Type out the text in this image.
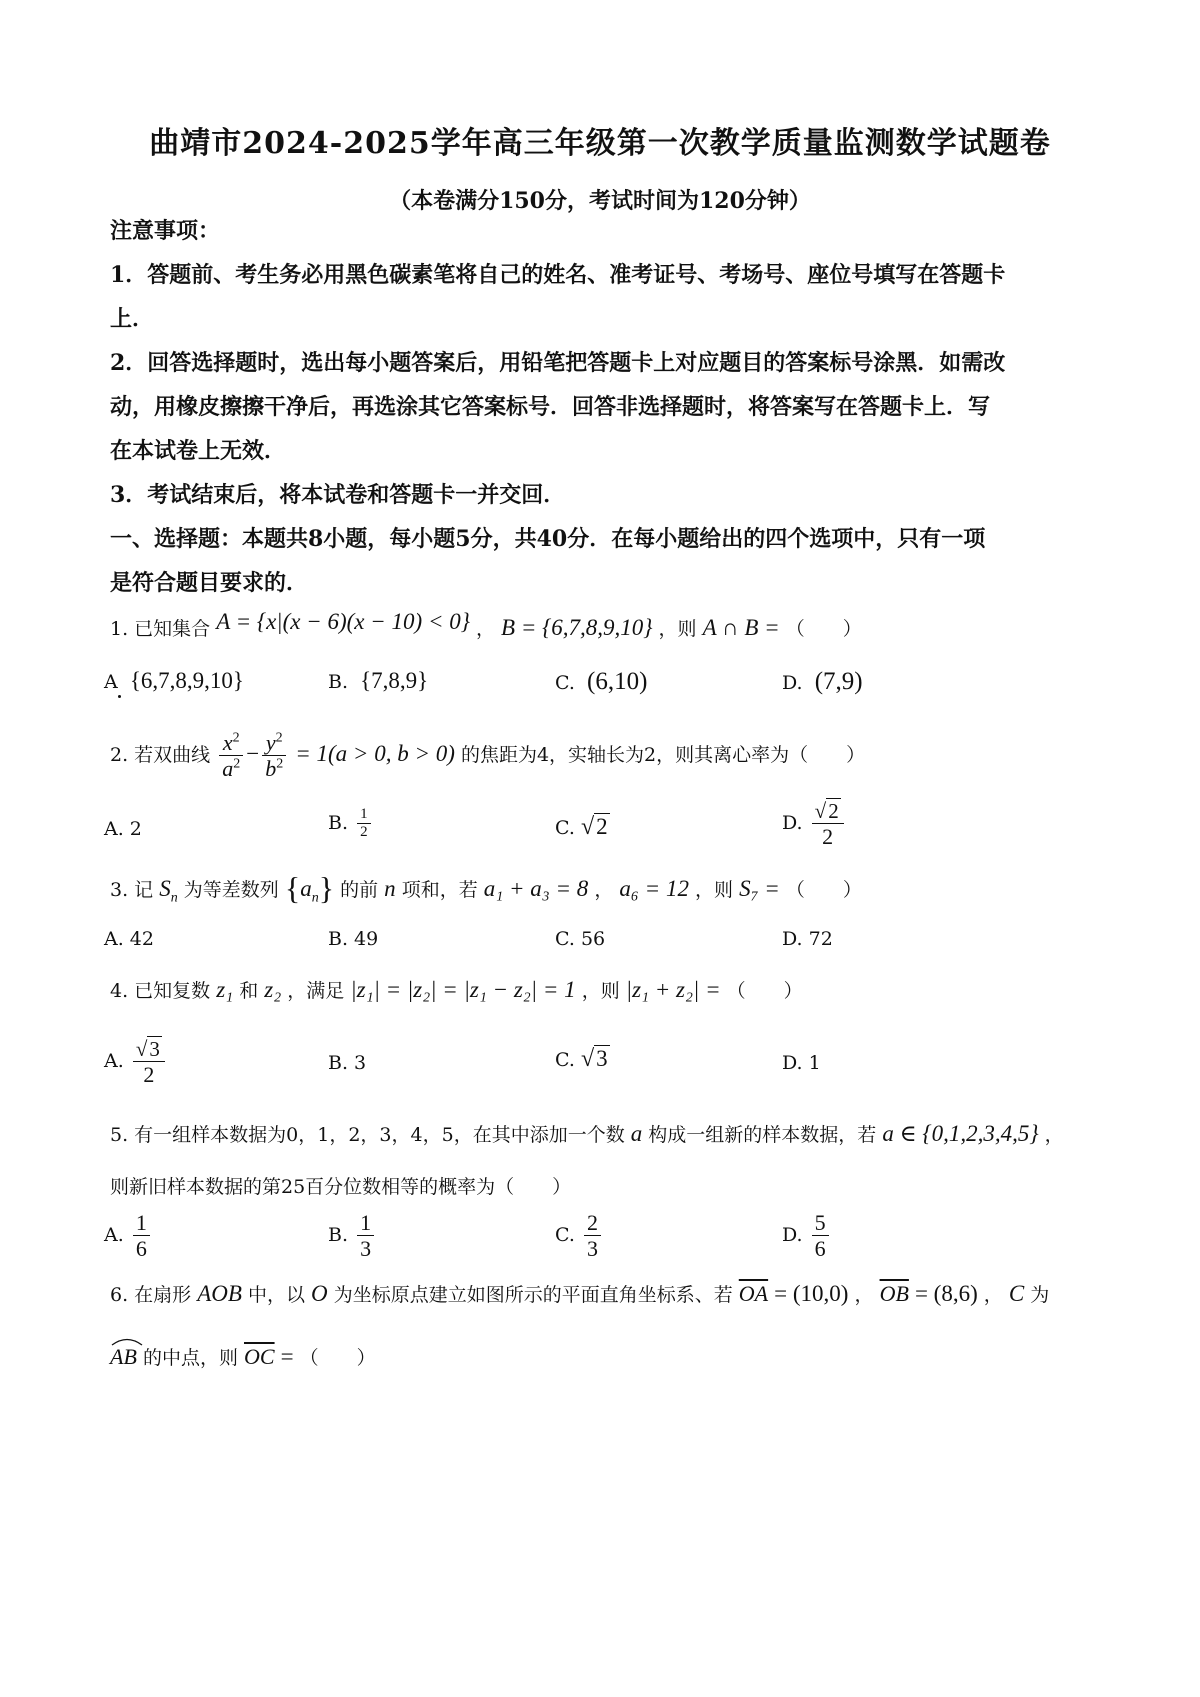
曲靖市2024-2025学年高三年级第一次教学质量监测数学试题卷
（本卷满分150分，考试时间为120分钟）
注意事项：
1．答题前、考生务必用黑色碳素笔将自己的姓名、准考证号、考场号、座位号填写在答题卡
上．
2．回答选择题时，选出每小题答案后，用铅笔把答题卡上对应题目的答案标号涂黑．如需改
动，用橡皮擦擦干净后，再选涂其它答案标号．回答非选择题时，将答案写在答题卡上．写
在本试卷上无效．
3．考试结束后，将本试卷和答题卡一并交回．
一、选择题：本题共8小题，每小题5分，共40分．在每小题给出的四个选项中，只有一项
是符合题目要求的．
1. 已知集合 A = {x|(x − 6)(x − 10) < 0} ， B = {6,7,8,9,10} ，则 A ∩ B = （　　）
A {6,7,8,9,10}	B. {7,8,9}	C. (6,10)	D. (7,9)
2. 若双曲线 $\frac{x^2}{a^2} - \frac{y^2}{b^2} = 1(a > 0$, b > 0) 的焦距为4，实轴长为2，则其离心率为（　　）
A. 2	B. $\frac{1}{2}$	C. √2	D. $\frac{√2}{2}$
3. 记 $S_n$ 为等差数列 $\{a_n\}$ 的前 n 项和，若 a₁ + a₃ = 8 ， a₆ = 12 ，则 S₇ = （　　）
A. 42	B. 49	C. 56	D. 72
4. 已知复数 z₁ 和 z₂ ，满足 |z₁| = |z₂| = |z₁ − z₂| = 1 ，则 |z₁ + z₂| = （　　）
A. $\frac{√3}{2}$	B. 3	C. √3	D. 1
5. 有一组样本数据为0，1，2，3，4，5，在其中添加一个数 a 构成一组新的样本数据，若 a ∈ {0,1,2,3,4,5} ，
则新旧样本数据的第25百分位数相等的概率为（　　）
A. $\frac{1}{6}$	B. $\frac{1}{3}$	C. $\frac{2}{3}$	D. $\frac{5}{6}$
6. 在扇形 AOB 中，以 O 为坐标原点建立如图所示的平面直角坐标系、若 $\overline{OA} = (10,0)$ ， $\overline{OB} = (8,6)$ ， C 为
AB 的中点，则 $\overline{OC}$ = （　　）
